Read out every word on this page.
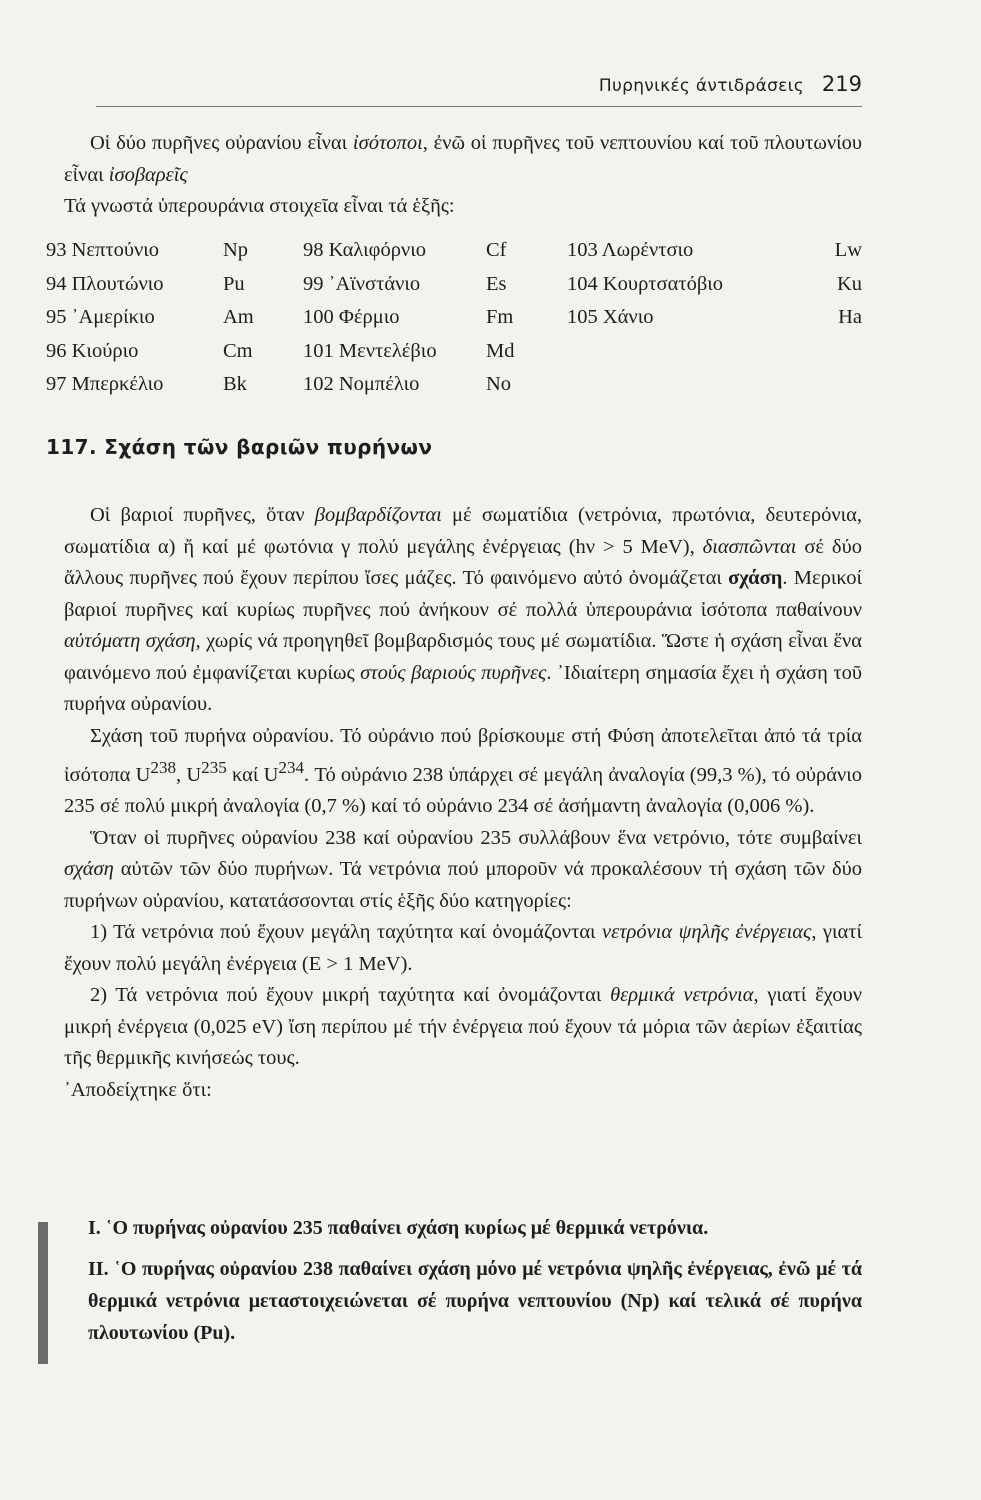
Πυρηνικές άντιδράσεις 219

Οἱ δύο πυρῆνες οὐρανίου εἶναι ἰσότοποι, ἐνῶ οἱ πυρῆνες τοῦ νεπτουνίου καί τοῦ πλουτωνίου εἶναι ἰσοβαρεῖς

Τά γνωστά ὑπερουράνια στοιχεῖα εἶναι τά ἑξῆς:

93 Νεπτούνιο	Np	98 Καλιφόρνιο	Cf	103 Λωρέντσιο	Lw
94 Πλουτώνιο	Pu	99 ᾿Αϊνστάνιο	Es	104 Κουρτσατόβιο	Ku
95 ᾿Αμερίκιο	Am	100 Φέρμιο	Fm	105 Χάνιο	Ha
96 Κιούριο	Cm	101 Μεντελέβιο	Md		
97 Μπερκέλιο	Bk	102 Νομπέλιο	No		
117. Σχάση τῶν βαριῶν πυρήνων

Οἱ βαριοί πυρῆνες, ὅταν βομβαρδίζονται μέ σωματίδια (νετρόνια, πρωτόνια, δευτερόνια, σωματίδια α) ἤ καί μέ φωτόνια γ πολύ μεγάλης ἐνέργειας (hν > 5 MeV), διασπῶνται σέ δύο ἄλλους πυρῆνες πού ἔχουν περίπου ἴσες μάζες. Τό φαινόμενο αὐτό ὀνομάζεται σχάση. Μερικοί βαριοί πυρῆνες καί κυρίως πυρῆνες πού ἀνήκουν σέ πολλά ὑπερουράνια ἰσότοπα παθαίνουν αὐτόματη σχάση, χωρίς νά προηγηθεῖ βομβαρδισμός τους μέ σωματίδια. Ὥστε ἡ σχάση εἶναι ἕνα φαινόμενο πού ἐμφανίζεται κυρίως στούς βαριούς πυρῆνες. ᾿Ιδιαίτερη σημασία ἔχει ἡ σχάση τοῦ πυρήνα οὐρανίου.

Σχάση τοῦ πυρήνα οὐρανίου. Τό οὐράνιο πού βρίσκουμε στή Φύση ἀποτελεῖται ἀπό τά τρία ἰσότοπα $U^{238}$, $U^{235}$ καί $U^{234}$. Τό οὐράνιο 238 ὑπάρχει σέ μεγάλη ἀναλογία (99,3 %), τό οὐράνιο 235 σέ πολύ μικρή ἀναλογία (0,7 %) καί τό οὐράνιο 234 σέ ἀσήμαντη ἀναλογία (0,006 %).

Ὅταν οἱ πυρῆνες οὐρανίου 238 καί οὐρανίου 235 συλλάβουν ἕνα νετρόνιο, τότε συμβαίνει σχάση αὐτῶν τῶν δύο πυρήνων. Τά νετρόνια πού μποροῦν νά προκαλέσουν τή σχάση τῶν δύο πυρήνων οὐρανίου, κατατάσσονται στίς ἑξῆς δύο κατηγορίες:

1) Τά νετρόνια πού ἔχουν μεγάλη ταχύτητα καί ὀνομάζονται νετρόνια ψηλῆς ἐνέργειας, γιατί ἔχουν πολύ μεγάλη ἐνέργεια (E > 1 MeV).

2) Τά νετρόνια πού ἔχουν μικρή ταχύτητα καί ὀνομάζονται θερμικά νετρόνια, γιατί ἔχουν μικρή ἐνέργεια (0,025 eV) ἴση περίπου μέ τήν ἐνέργεια πού ἔχουν τά μόρια τῶν ἀερίων ἐξαιτίας τῆς θερμικῆς κινήσεώς τους.

᾿Αποδείχτηκε ὅτι:

I. ῾Ο πυρήνας οὐρανίου 235 παθαίνει σχάση κυρίως μέ θερμικά νετρόνια.

II. ῾Ο πυρήνας οὐρανίου 238 παθαίνει σχάση μόνο μέ νετρόνια ψηλῆς ἐνέργειας, ἐνῶ μέ τά θερμικά νετρόνια μεταστοιχειώνεται σέ πυρήνα νεπτουνίου (Np) καί τελικά σέ πυρήνα πλουτωνίου (Pu).
